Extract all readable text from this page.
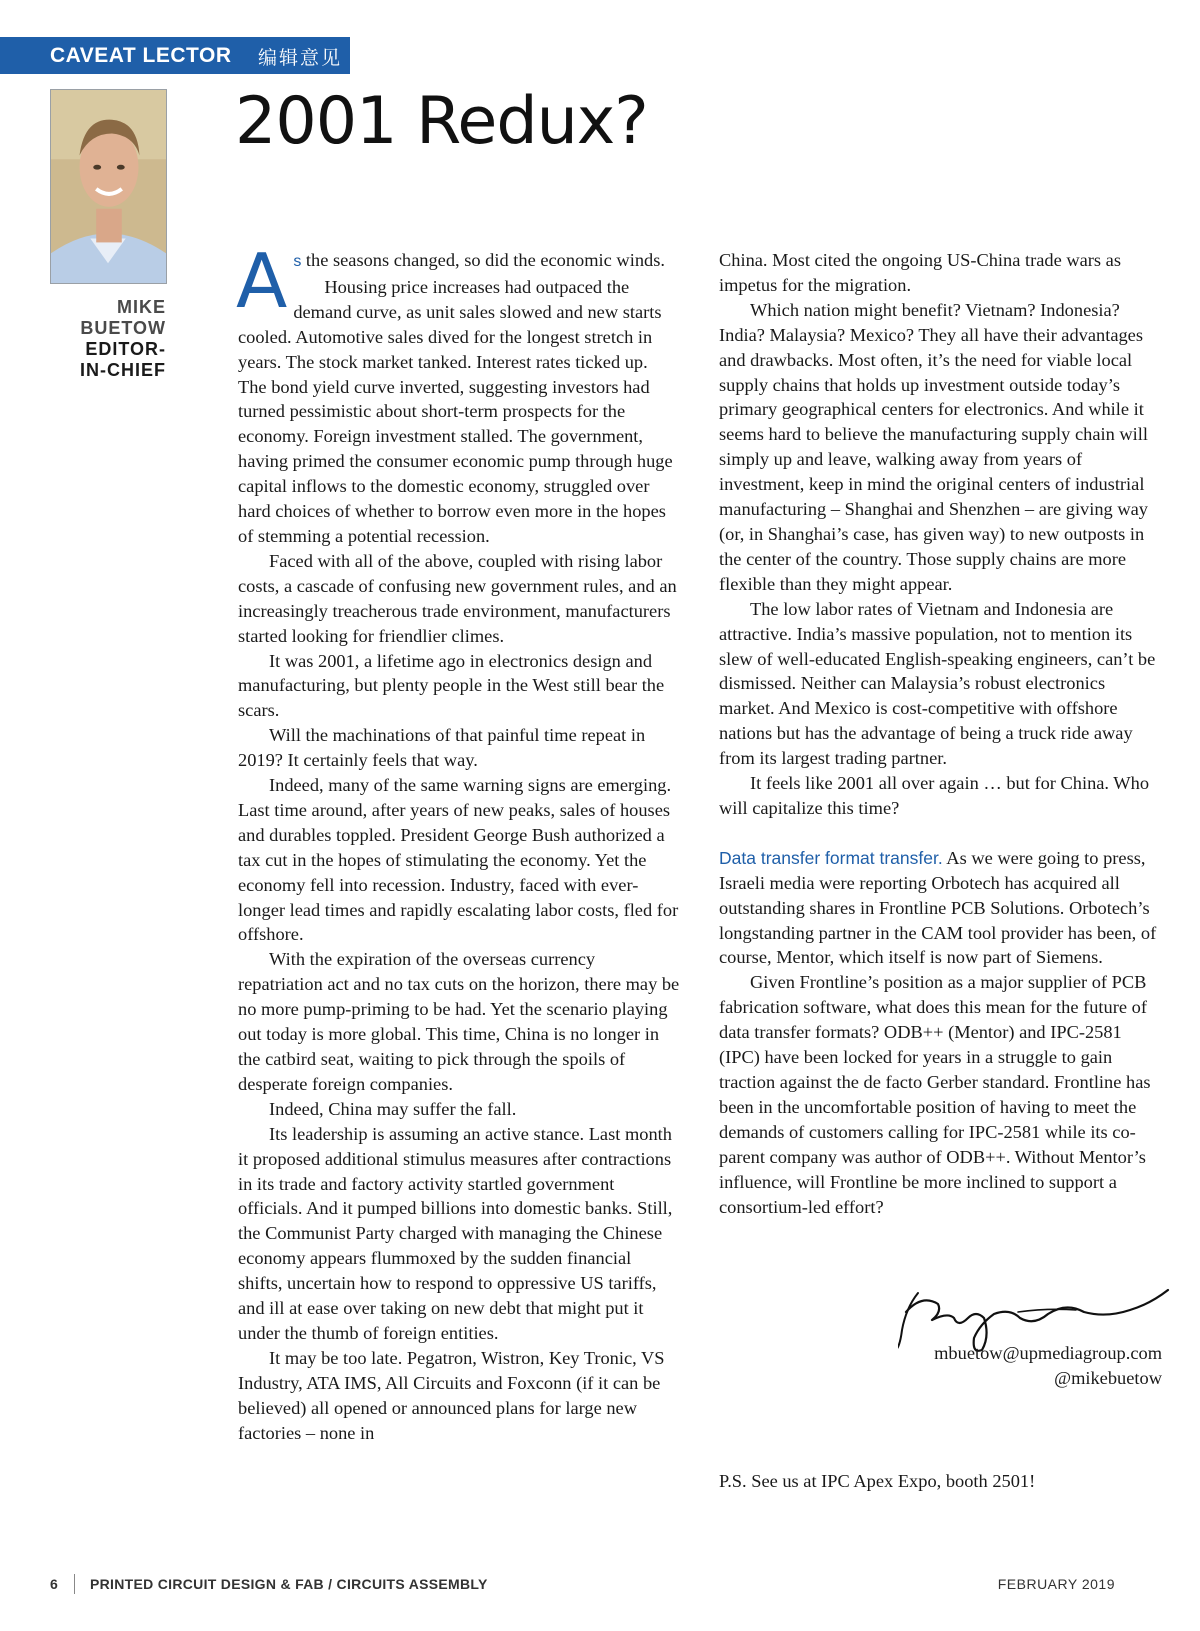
CAVEAT LECTOR 编辑意见
MIKE
BUETOW
EDITOR-
IN-CHIEF
2001 Redux?

As the seasons changed, so did the economic winds.

Housing price increases had outpaced the demand curve, as unit sales slowed and new starts cooled. Automotive sales dived for the longest stretch in years. The stock market tanked. Interest rates ticked up. The bond yield curve inverted, suggesting investors had turned pessimistic about short-term prospects for the economy. Foreign investment stalled. The government, having primed the consumer economic pump through huge capital inflows to the domestic economy, struggled over hard choices of whether to borrow even more in the hopes of stemming a potential recession.

Faced with all of the above, coupled with rising labor costs, a cascade of confusing new government rules, and an increasingly treacherous trade environment, manufacturers started looking for friendlier climes.

It was 2001, a lifetime ago in electronics design and manufacturing, but plenty people in the West still bear the scars.

Will the machinations of that painful time repeat in 2019? It certainly feels that way.

Indeed, many of the same warning signs are emerging. Last time around, after years of new peaks, sales of houses and durables toppled. President George Bush authorized a tax cut in the hopes of stimulating the economy. Yet the economy fell into recession. Industry, faced with ever-longer lead times and rapidly escalating labor costs, fled for offshore.

With the expiration of the overseas currency repatriation act and no tax cuts on the horizon, there may be no more pump-priming to be had. Yet the scenario playing out today is more global. This time, China is no longer in the catbird seat, waiting to pick through the spoils of desperate foreign companies.

Indeed, China may suffer the fall.

Its leadership is assuming an active stance. Last month it proposed additional stimulus measures after contractions in its trade and factory activity startled government officials. And it pumped billions into domestic banks. Still, the Communist Party charged with managing the Chinese economy appears flummoxed by the sudden financial shifts, uncertain how to respond to oppressive US tariffs, and ill at ease over taking on new debt that might put it under the thumb of foreign entities.

It may be too late. Pegatron, Wistron, Key Tronic, VS Industry, ATA IMS, All Circuits and Foxconn (if it can be believed) all opened or announced plans for large new factories – none in

China. Most cited the ongoing US-China trade wars as impetus for the migration.

Which nation might benefit? Vietnam? Indonesia? India? Malaysia? Mexico? They all have their advantages and drawbacks. Most often, it’s the need for viable local supply chains that holds up investment outside today’s primary geographical centers for electronics. And while it seems hard to believe the manufacturing supply chain will simply up and leave, walking away from years of investment, keep in mind the original centers of industrial manufacturing – Shanghai and Shenzhen – are giving way (or, in Shanghai’s case, has given way) to new outposts in the center of the country. Those supply chains are more flexible than they might appear.

The low labor rates of Vietnam and Indonesia are attractive. India’s massive population, not to mention its slew of well-educated English-speaking engineers, can’t be dismissed. Neither can Malaysia’s robust electronics market. And Mexico is cost-competitive with offshore nations but has the advantage of being a truck ride away from its largest trading partner.

It feels like 2001 all over again … but for China. Who will capitalize this time?

Data transfer format transfer. As we were going to press, Israeli media were reporting Orbotech has acquired all outstanding shares in Frontline PCB Solutions. Orbotech’s longstanding partner in the CAM tool provider has been, of course, Mentor, which itself is now part of Siemens.

Given Frontline’s position as a major supplier of PCB fabrication software, what does this mean for the future of data transfer formats? ODB++ (Mentor) and IPC-2581 (IPC) have been locked for years in a struggle to gain traction against the de facto Gerber standard. Frontline has been in the uncomfortable position of having to meet the demands of customers calling for IPC-2581 while its co-parent company was author of ODB++. Without Mentor’s influence, will Frontline be more inclined to support a consortium-led effort?

mbuetow@upmediagroup.com
@mikebuetow
P.S. See us at IPC Apex Expo, booth 2501!
6 PRINTED CIRCUIT DESIGN & FAB / CIRCUITS ASSEMBLY	FEBRUARY 2019
